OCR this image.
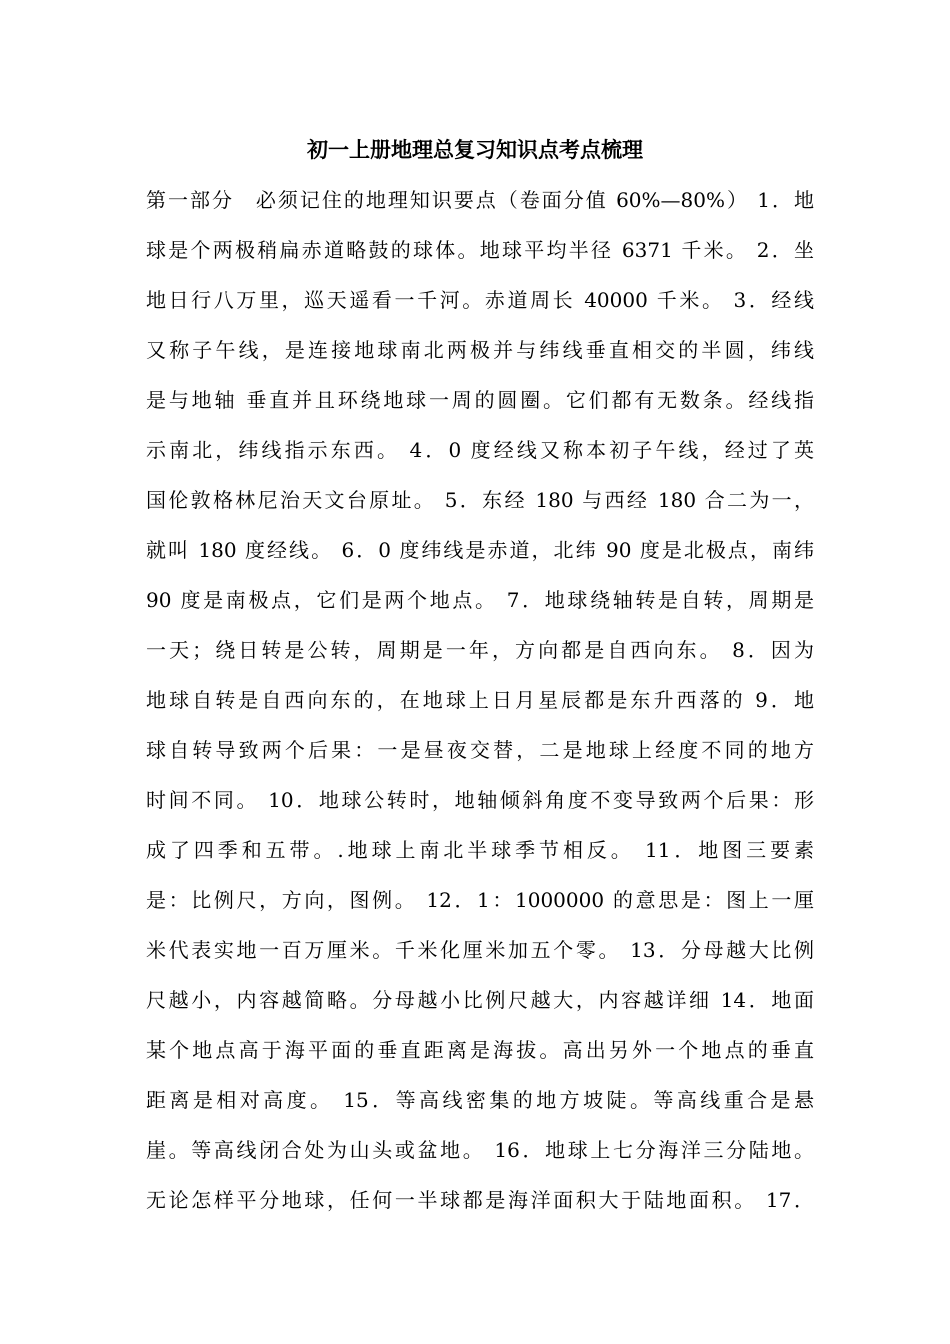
初一上册地理总复习知识点考点梳理
第一部分　必须记住的地理知识要点（卷面分值 60%—80%） 1．地
球是个两极稍扁赤道略鼓的球体。地球平均半径 6371 千米。 2．坐
地日行八万里，巡天遥看一千河。赤道周长 40000 千米。 3．经线
又称子午线，是连接地球南北两极并与纬线垂直相交的半圆，纬线
是与地轴 垂直并且环绕地球一周的圆圈。它们都有无数条。经线指
示南北，纬线指示东西。 4．0 度经线又称本初子午线，经过了英
国伦敦格林尼治天文台原址。 5．东经 180 与西经 180 合二为一，
就叫 180 度经线。 6．0 度纬线是赤道，北纬 90 度是北极点，南纬
90 度是南极点，它们是两个地点。 7．地球绕轴转是自转，周期是
一天；绕日转是公转，周期是一年，方向都是自西向东。 8．因为
地球自转是自西向东的，在地球上日月星辰都是东升西落的 9．地
球自转导致两个后果：一是昼夜交替，二是地球上经度不同的地方
时间不同。 10．地球公转时，地轴倾斜角度不变导致两个后果：形
成了四季和五带。.地球上南北半球季节相反。 11．地图三要素
是：比例尺，方向，图例。 12．1：1000000 的意思是：图上一厘
米代表实地一百万厘米。千米化厘米加五个零。 13．分母越大比例
尺越小，内容越简略。分母越小比例尺越大，内容越详细 14．地面
某个地点高于海平面的垂直距离是海拔。高出另外一个地点的垂直
距离是相对高度。 15．等高线密集的地方坡陡。等高线重合是悬
崖。等高线闭合处为山头或盆地。 16．地球上七分海洋三分陆地。
无论怎样平分地球，任何一半球都是海洋面积大于陆地面积。 17．
